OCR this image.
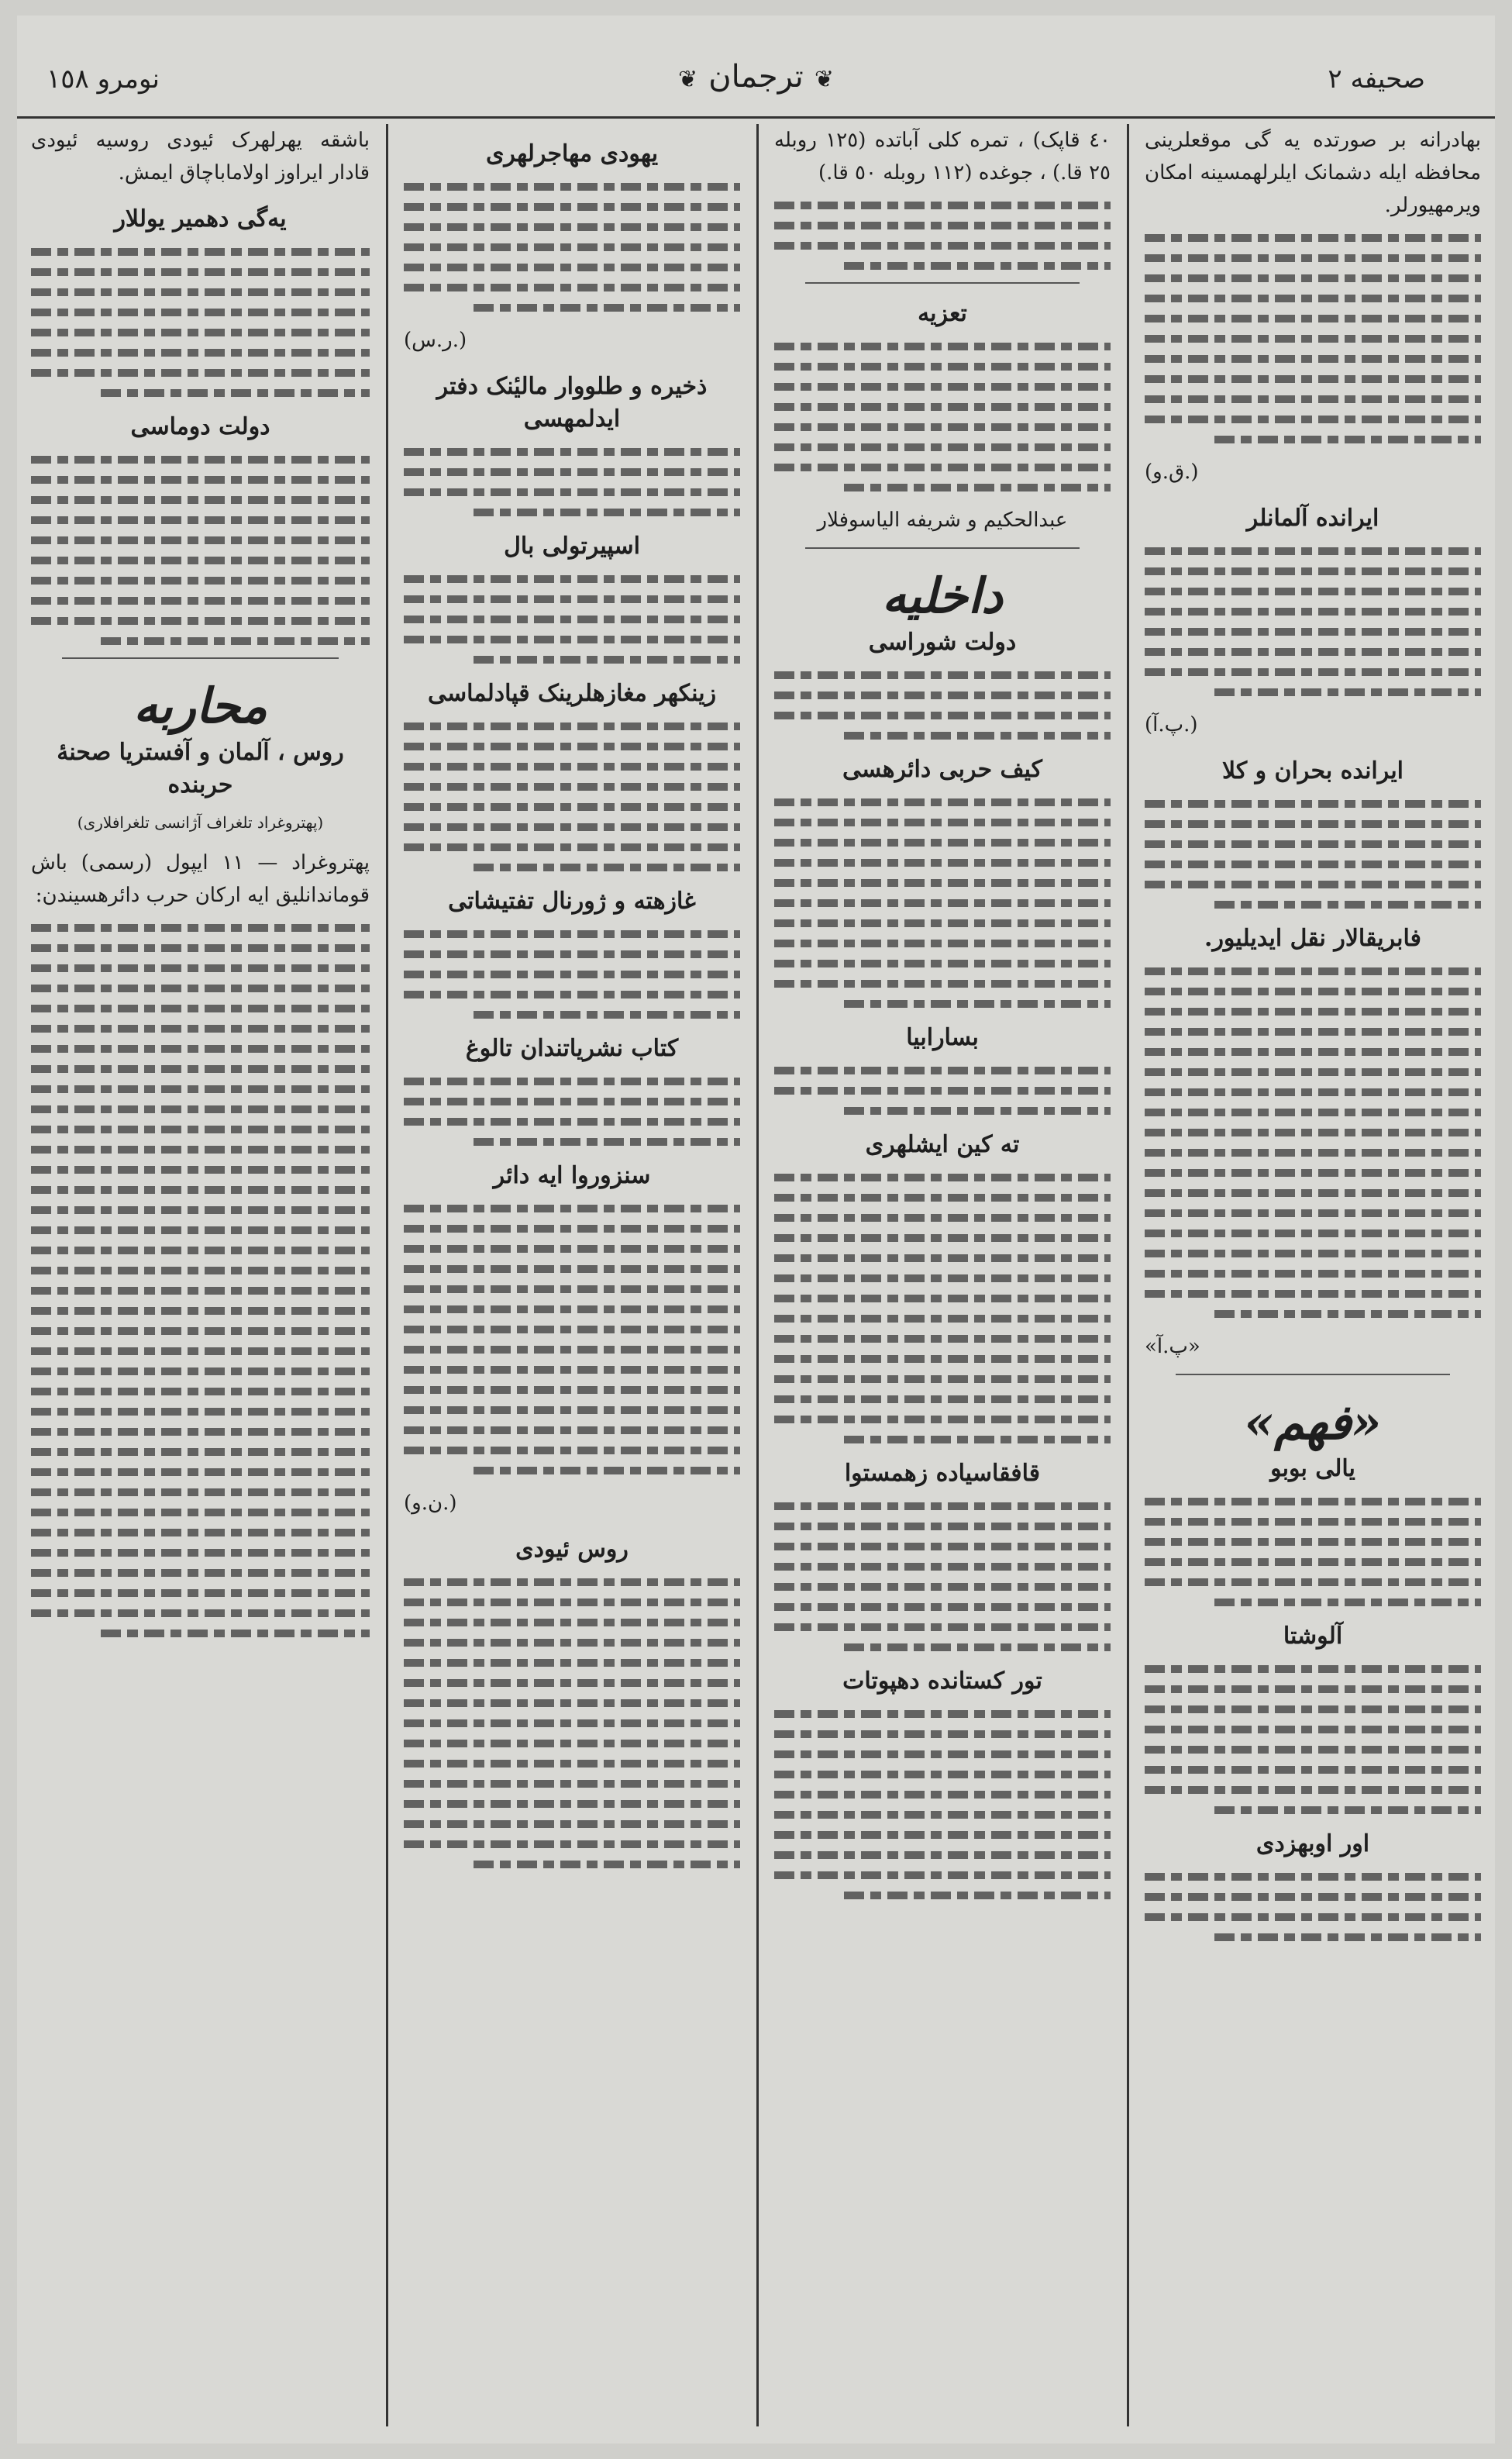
نومرو ١٥٨
❦	ترجمان ❦	صحیفه ٢

بهادرانه بر صورتده یه گی موقعلرینی محافظه ایله دشمانک ایلرلهمسینه امکان ویرمهیورلر.

(ق.و.)
ایرانده آلمانلر
(پ.آ.)
ایرانده بحران و کلا
فابریقالار نقل ایدیلیور.
«پ.آ»
«فهم»
یالی بوبو
آلوشتا
اور اوبهزدی

٤٠ قاپک) ، تمره کلی آباتده (١٢٥ روبله ٢٥ قا.) ، جوغده (١١٢ روبله ٥٠ قا.)

تعزیه

عبدالحکیم و شریفه الیاسوفلار

داخلیه
دولت شوراسی
کیف حربی دائرهسی
بسارابیا
ته کین ایشلهری
قافقاسیاده زهمستوا
تور کستانده دهپوتات
یهودی مهاجرلهری
(ر.س.)
ذخیره و طلووار مالیٔنک دفتر ایدلمهسی
اسپیرتولی بال
زینکهر مغازهلرینک قپادلماسی
غازهته و ژورنال تفتیشاتی
کتاب نشریاتندان تالوغ
سنزوروا ایه دائر
(ن.و.)
روس ئیودی

باشقه یهرلهرک ئیودی روسیه ئیودی قادار ایراوز اولاماباچاق ایمش.

یه‌گی دهمیر یوللار
دولت دوماسی
محاربه
روس ، آلمان و آفستریا صحنهٔ حربنده

(پهتروغراد تلغراف آژانسی تلغرافلاری)

پهتروغراد — ١١ ایپول (رسمی) باش قوماندانلیق ایه ارکان حرب دائرهسیندن:
